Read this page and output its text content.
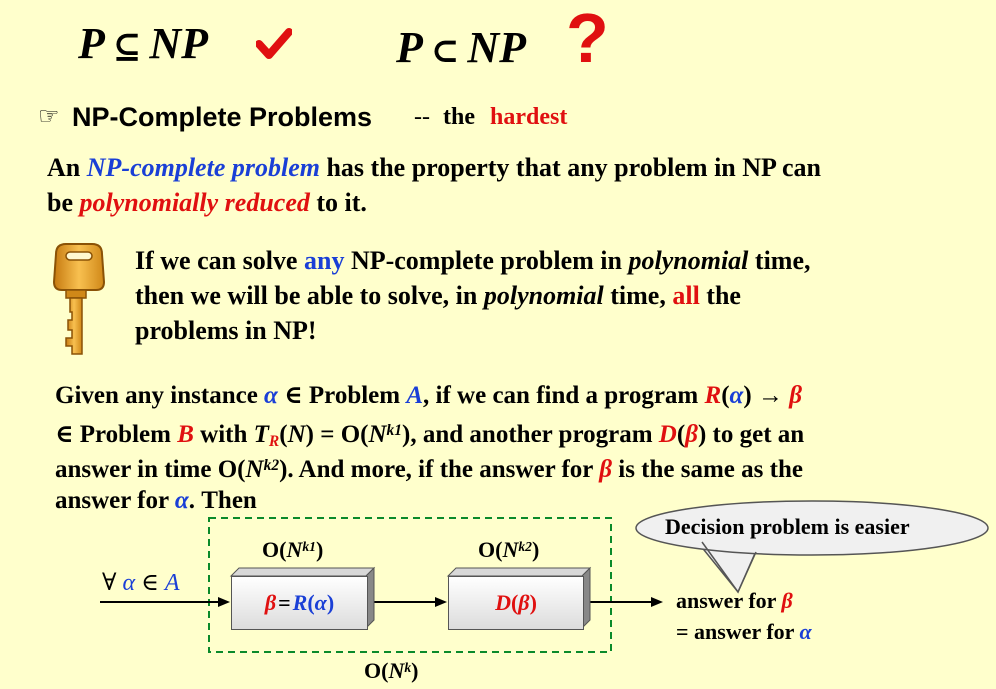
P ⊆ NP	P ⊂ NP ?
☞ NP-Complete Problems -- the hardest
An NP-complete problem has the property that any problem in NP can
be polynomially reduced to it.
If we can solve any NP-complete problem in polynomial time,
then we will be able to solve, in polynomial time, all the
problems in NP!
Given any instance α ∈ Problem A, if we can find a program R(α) → β
∈ Problem B with $T_R(N) = O(N^{k1})$, and another program D(β) to get an
answer in time $O(N^{k2})$. And more, if the answer for β is the same as the
answer for α. Then
β = R ( α )	D ( β )
$O(N^{k1})$	$O(N^{k2})$
$O(N^k)$
∀ α ∈ A
answer for β
= answer for α
Decision problem is easier
